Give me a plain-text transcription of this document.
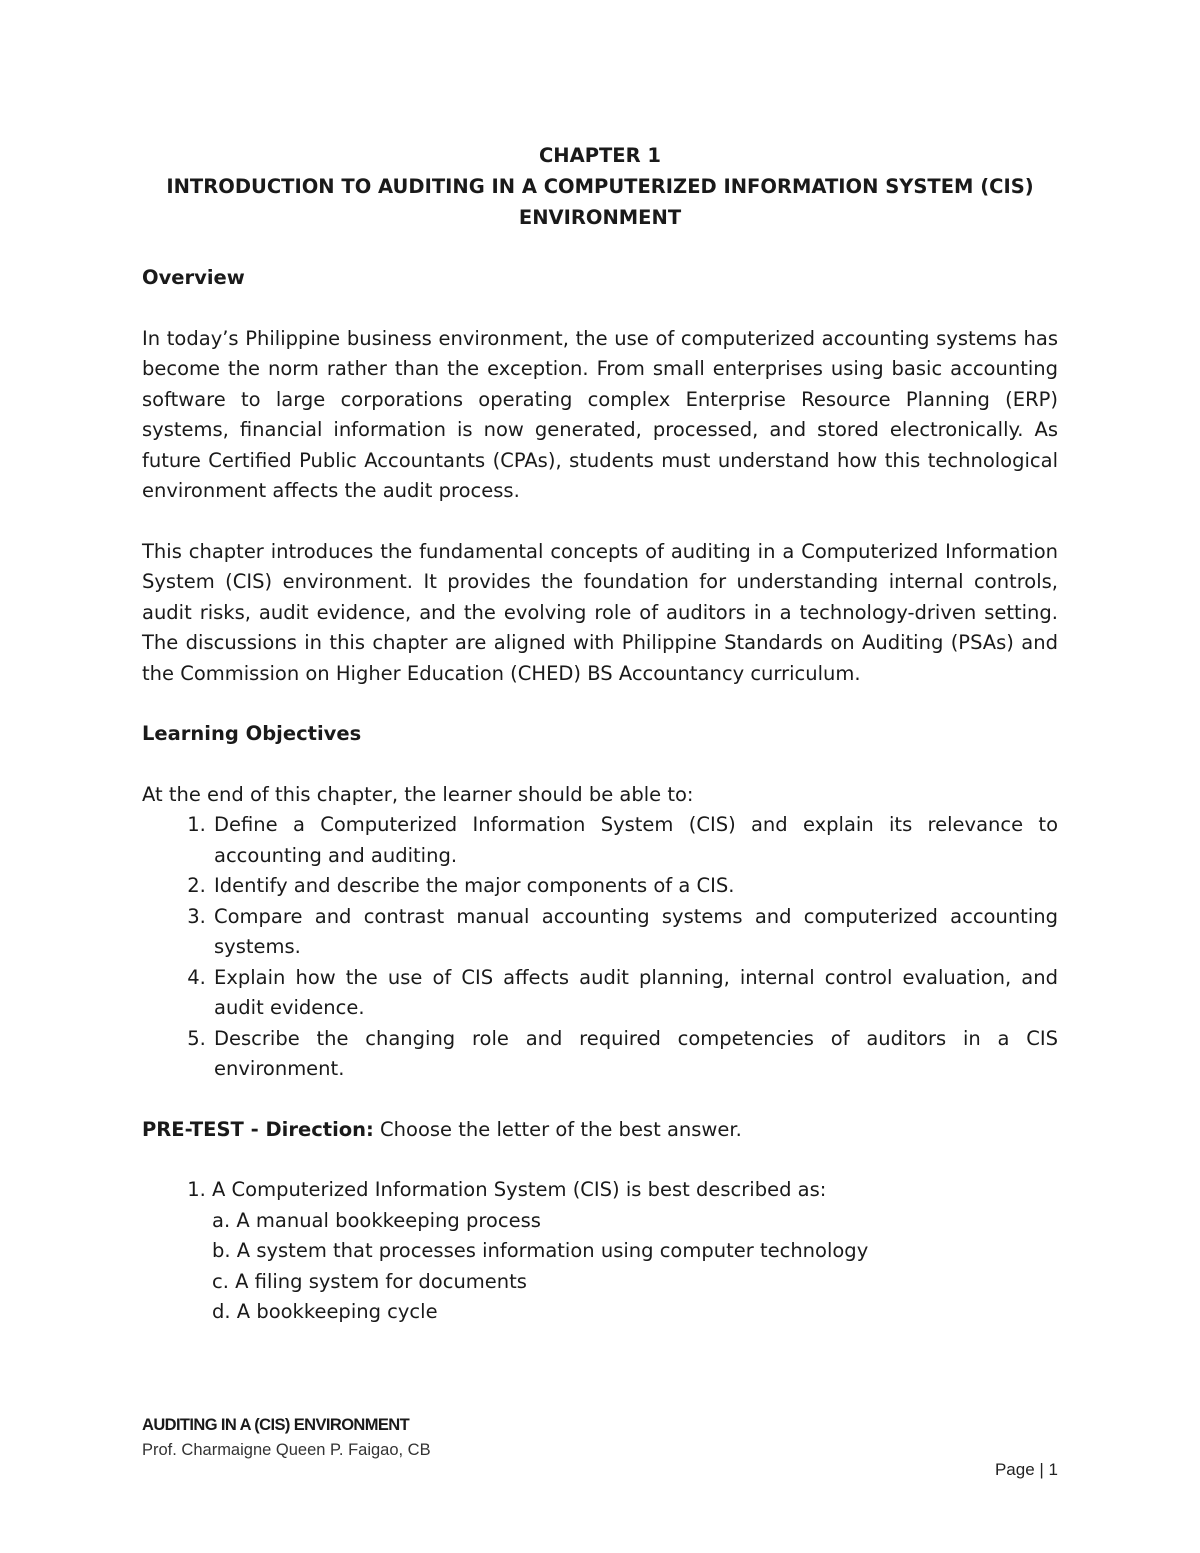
CHAPTER 1
INTRODUCTION TO AUDITING IN A COMPUTERIZED INFORMATION SYSTEM (CIS)
ENVIRONMENT
Overview

In today’s Philippine business environment, the use of computerized accounting systems has become the norm rather than the exception. From small enterprises using basic accounting software to large corporations operating complex Enterprise Resource Planning (ERP) systems, financial information is now generated, processed, and stored electronically. As future Certified Public Accountants (CPAs), students must understand how this technological environment affects the audit process.

This chapter introduces the fundamental concepts of auditing in a Computerized Information System (CIS) environment. It provides the foundation for understanding internal controls, audit risks, audit evidence, and the evolving role of auditors in a technology-driven setting. The discussions in this chapter are aligned with Philippine Standards on Auditing (PSAs) and the Commission on Higher Education (CHED) BS Accountancy curriculum.

Learning Objectives

At the end of this chapter, the learner should be able to:

1. Define a Computerized Information System (CIS) and explain its relevance to accounting and auditing.
2. Identify and describe the major components of a CIS.
3. Compare and contrast manual accounting systems and computerized accounting systems.
4. Explain how the use of CIS affects audit planning, internal control evaluation, and audit evidence.
5. Describe the changing role and required competencies of auditors in a CIS environment.

PRE-TEST - Direction: Choose the letter of the best answer.

1. A Computerized Information System (CIS) is best described as:
a. A manual bookkeeping process
b. A system that processes information using computer technology
c. A filing system for documents
d. A bookkeeping cycle
AUDITING IN A (CIS) ENVIRONMENT
Prof. Charmaigne Queen P. Faigao, CB
Page | 1
